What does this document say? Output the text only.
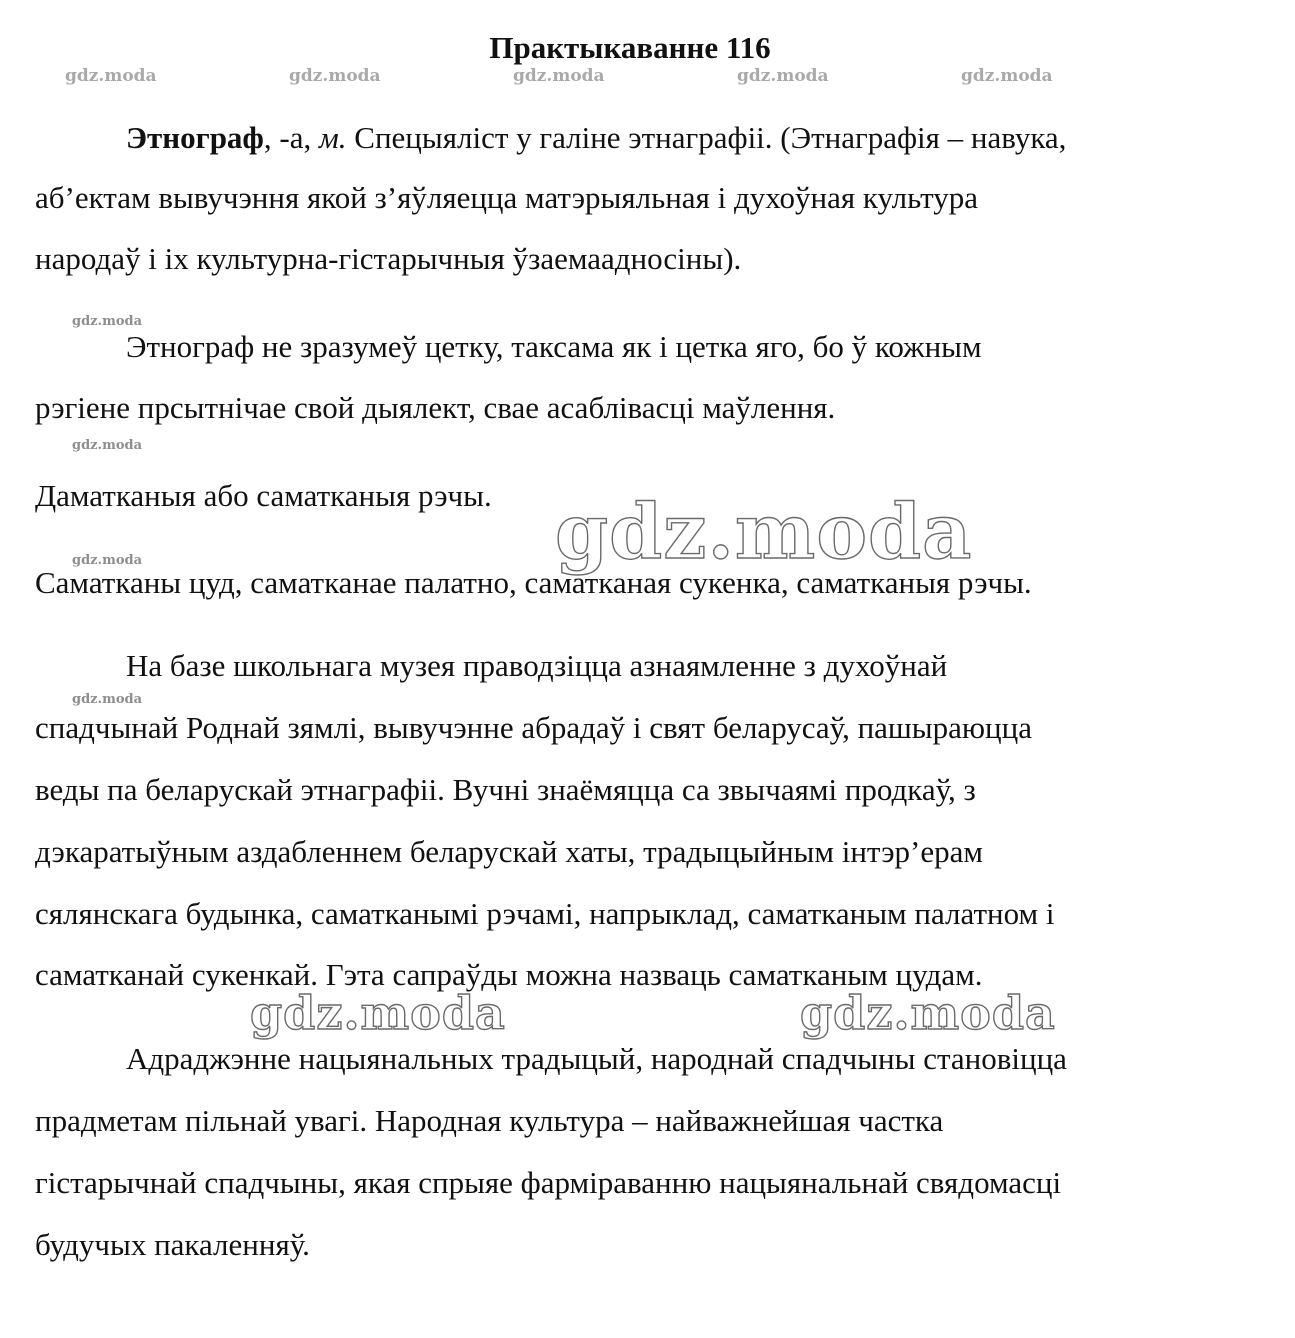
Практыкаванне 116
gdz.moda	gdz.moda	gdz.moda	gdz.moda	gdz.moda
Этнограф, -а, м. Спецыяліст у галіне этнаграфіі. (Этнаграфія – навука,
аб’ектам вывучэння якой з’яўляецца матэрыяльная і духоўная культура
народаў і іх культурна-гістарычныя ўзаемаадносіны).
gdz.moda
Этнограф не зразумеў цетку, таксама як і цетка яго, бо ў кожным
рэгіене прсытнічае свой дыялект, свае асаблівасці маўлення.
gdz.moda
Даматканыя або саматканыя рэчы. gdz.moda
gdz.moda
Саматканы цуд, саматканае палатно, саматканая сукенка, саматканыя рэчы.
На базе школьнага музея праводзіцца азнаямленне з духоўнай
gdz.moda
спадчынай Роднай зямлі, вывучэнне абрадаў і свят беларусаў, пашыраюцца
веды па беларускай этнаграфіі. Вучні знаёмяцца са звычаямі продкаў, з
дэкаратыўным аздабленнем беларускай хаты, традыцыйным інтэр’ерам
сялянскага будынка, саматканымі рэчамі, напрыклад, саматканым палатном і
саматканай сукенкай. Гэта сапраўды можна назваць саматканым цудам.
gdz.moda	gdz.moda
Адраджэнне нацыянальных традыцый, народнай спадчыны становіцца
прадметам пільнай увагі. Народная культура – найважнейшая частка
гістарычнай спадчыны, якая спрыяе фарміраванню нацыянальнай свядомасці
будучых пакаленняў.
